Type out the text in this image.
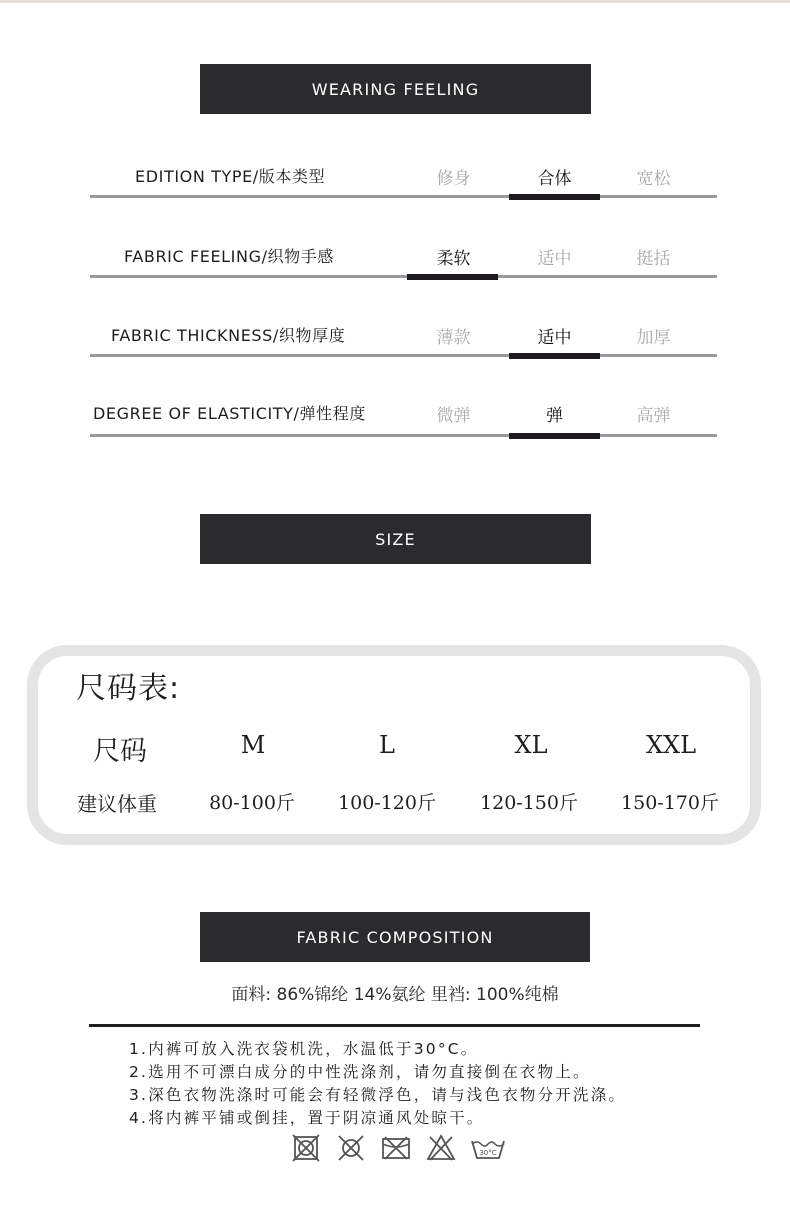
WEARING FEELING
EDITION TYPE/版本类型	修身	合体	宽松
FABRIC FEELING/织物手感	柔软	适中	挺括
FABRIC THICKNESS/织物厚度	薄款	适中	加厚
DEGREE OF ELASTICITY/弹性程度	微弹	弹	高弹
SIZE
尺码表:
尺码	M	L	XL	XXL
建议体重	80-100斤	100-120斤	120-150斤	150-170斤
FABRIC COMPOSITION
面料: 86%锦纶 14%氨纶 里裆: 100%纯棉
1.内裤可放入洗衣袋机洗，水温低于30°C。
2.选用不可漂白成分的中性洗涤剂，请勿直接倒在衣物上。
3.深色衣物洗涤时可能会有轻微浮色，请与浅色衣物分开洗涤。
4.将内裤平铺或倒挂，置于阴凉通风处晾干。
30°C
